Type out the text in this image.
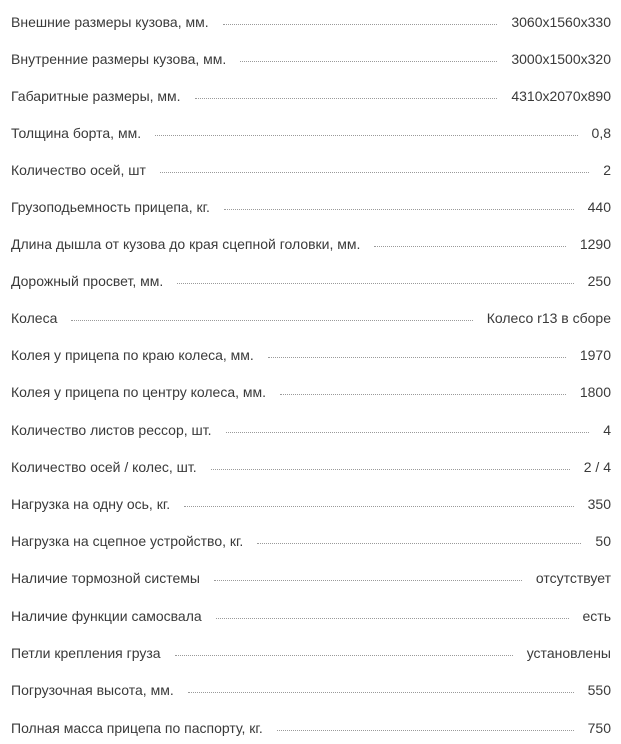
Внешние размеры кузова, мм.	3060x1560x330
Внутренние размеры кузова, мм.	3000x1500x320
Габаритные размеры, мм.	4310x2070x890
Толщина борта, мм.	0,8
Количество осей, шт	2
Грузоподьемность прицепа, кг.	440
Длина дышла от кузова до края сцепной головки, мм.	1290
Дорожный просвет, мм.	250
Колеса	Колесо r13 в сборе
Колея у прицепа по краю колеса, мм.	1970
Колея у прицепа по центру колеса, мм.	1800
Количество листов рессор, шт.	4
Количество осей / колес, шт.	2 / 4
Нагрузка на одну ось, кг.	350
Нагрузка на сцепное устройство, кг.	50
Наличие тормозной системы	отсутствует
Наличие функции самосвала	есть
Петли крепления груза	установлены
Погрузочная высота, мм.	550
Полная масса прицепа по паспорту, кг.	750
